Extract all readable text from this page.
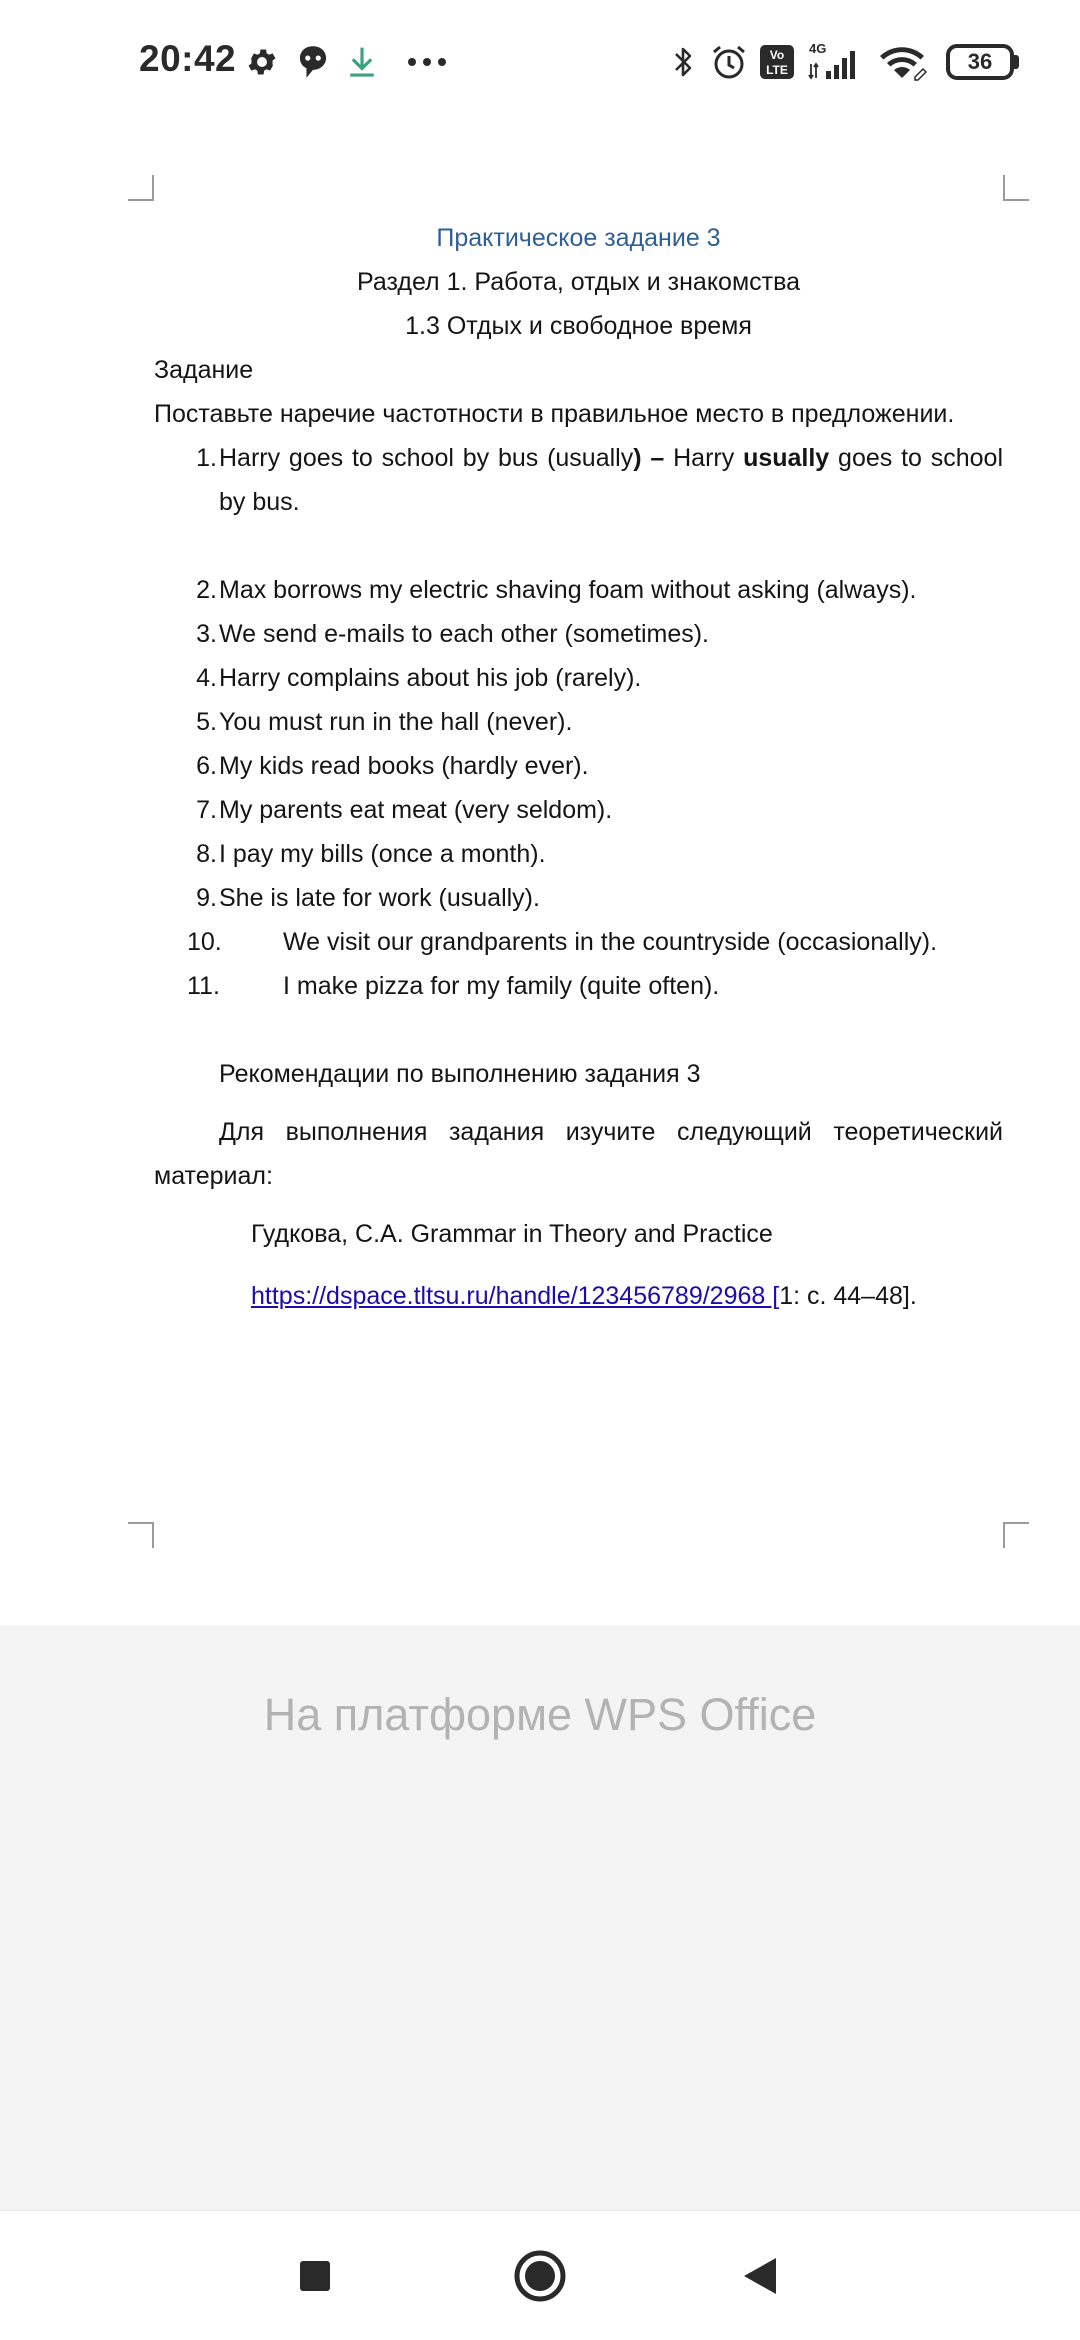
20:42	Vo
LTE
4G
36
Практическое задание 3
Раздел 1. Работа, отдых и знакомства
1.3 Отдых и свободное время
Задание
Поставьте наречие частотности в правильное место в предложении.
1. Harry goes to school by bus (usually) – Harry usually goes to school
by bus.
2. Max borrows my electric shaving foam without asking (always).
3. We send e-mails to each other (sometimes).
4. Harry complains about his job (rarely).
5. You must run in the hall (never).
6. My kids read books (hardly ever).
7. My parents eat meat (very seldom).
8. I pay my bills (once a month).
9. She is late for work (usually).
10. We visit our grandparents in the countryside (occasionally).
11.	I make pizza for my family (quite often).
Рекомендации по выполнению задания 3
Для выполнения задания изучите следующий теоретический
материал:
Гудкова, С.А. Grammar in Theory and Practice
https://dspace.tltsu.ru/handle/123456789/2968 [1: с. 44–48].
На платформе WPS Office
